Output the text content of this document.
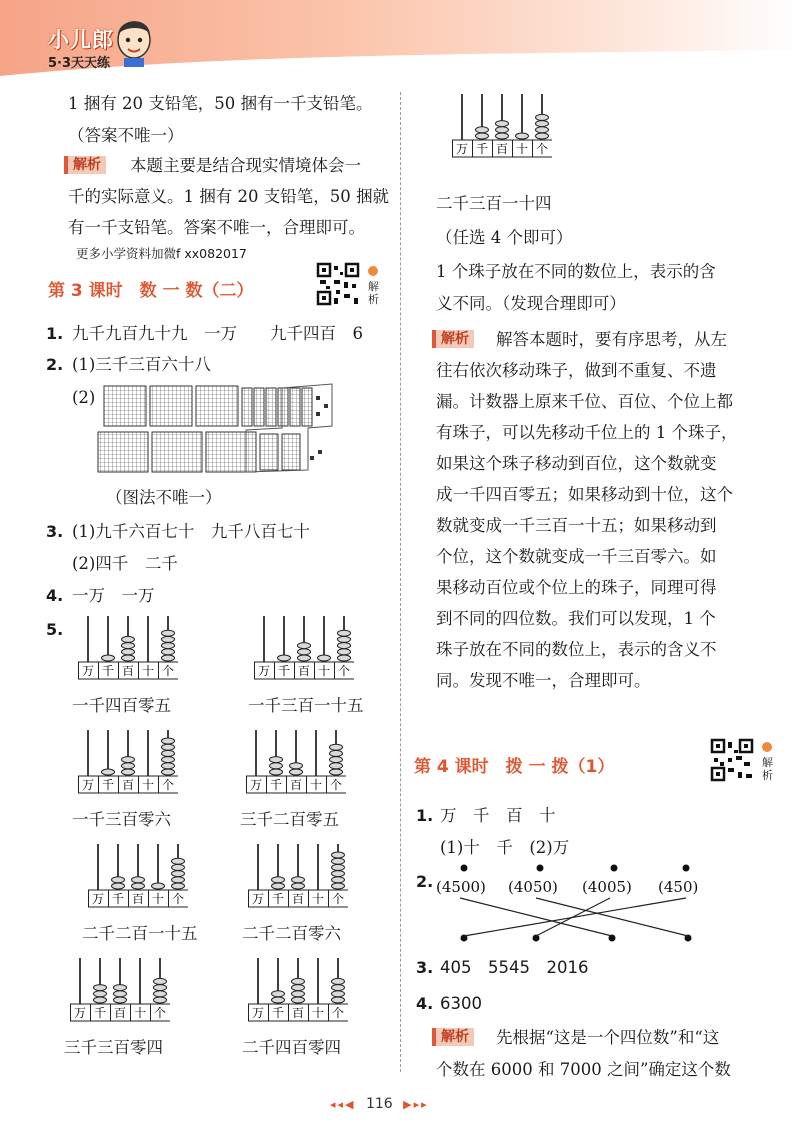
小儿郎
5·3天天练
1 捆有 20 支铅笔，50 捆有一千支铅笔。
（答案不唯一）
解析	本题主要是结合现实情境体会一
千的实际意义。1 捆有 20 支铅笔，50 捆就
有一千支铅笔。答案不唯一，合理即可。
更多小学资料加微f xx082017
第 3 课时　数 一 数（二）	解析
1. 九千九百九十九　一万　　九千四百　6
2. (1)三千三百六十八
(2)
（图法不唯一）
3. (1)九千六百七十　九千八百七十
(2)四千　二千
4. 一万　一万
5.
万 千 百 十 个
一千四百零五
万 千 百 十 个
一千三百一十五
万 千 百 十 个
一千三百零六
万 千 百 十 个
三千二百零五
万 千 百 十 个
二千二百一十五
万 千 百 十 个
二千二百零六
万 千 百 十 个
三千三百零四
万 千 百 十 个
二千四百零四
万 千 百 十 个
二千三百一十四
（任选 4 个即可）
1 个珠子放在不同的数位上，表示的含
义不同。（发现合理即可）
解析	解答本题时，要有序思考，从左
往右依次移动珠子，做到不重复、不遗
漏。计数器上原来千位、百位、个位上都
有珠子，可以先移动千位上的 1 个珠子，
如果这个珠子移动到百位，这个数就变
成一千四百零五；如果移动到十位，这个
数就变成一千三百一十五；如果移动到
个位，这个数就变成一千三百零六。如
果移动百位或个位上的珠子，同理可得
到不同的四位数。我们可以发现，1 个
珠子放在不同的数位上，表示的含义不
同。发现不唯一，合理即可。
第 4 课时　拨 一 拨（1）	解析
1. 万　千　百　十
(1)十　千　(2)万
2. (4500) (4050) (4005) (450)
3. 405　5545　2016
4. 6300
解析	先根据“这是一个四位数”和“这
个数在 6000 和 7000 之间”确定这个数
◂◂◀ 116 ▶▸▸
